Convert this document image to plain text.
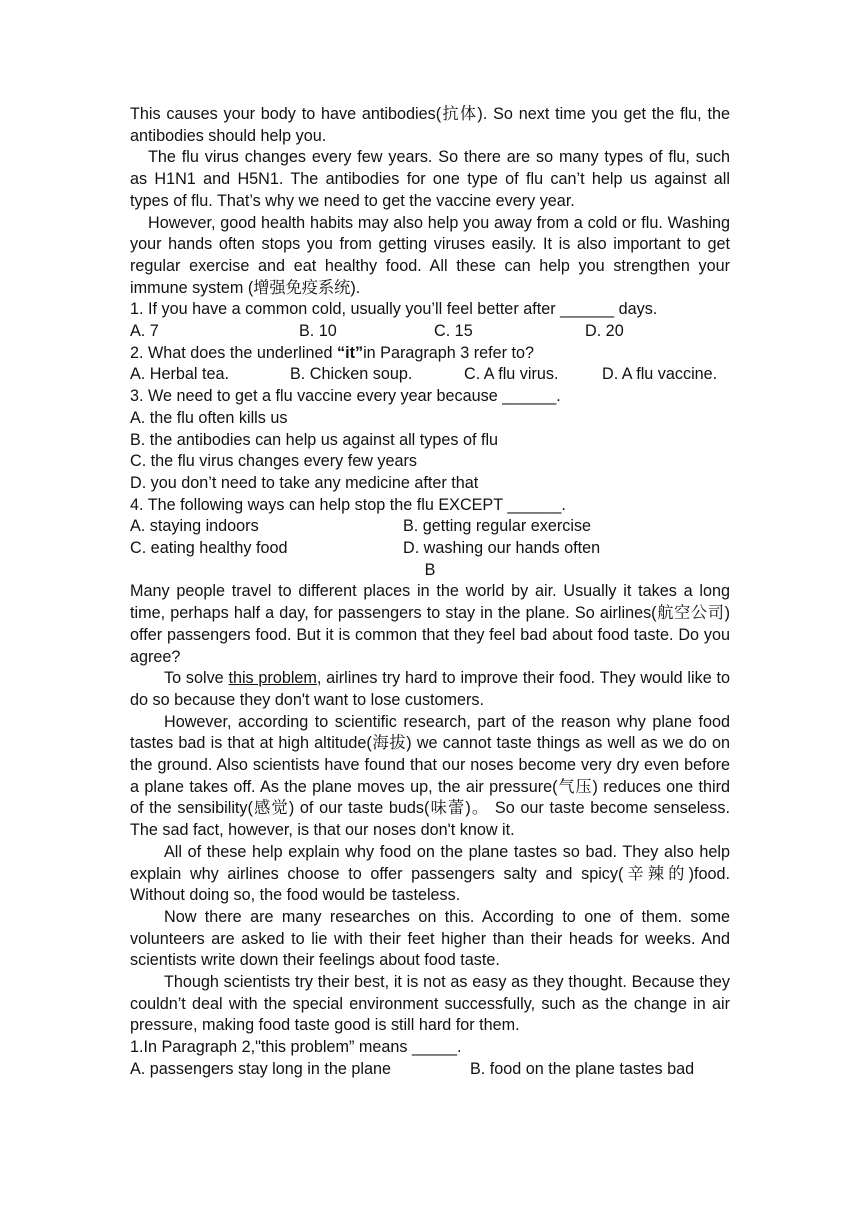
This causes your body to have antibodies(抗体). So next time you get the flu, the antibodies should help you.

The flu virus changes every few years. So there are so many types of flu, such as H1N1 and H5N1. The antibodies for one type of flu can’t help us against all types of flu. That’s why we need to get the vaccine every year.

However, good health habits may also help you away from a cold or flu. Washing your hands often stops you from getting viruses easily. It is also important to get regular exercise and eat healthy food. All these can help you strengthen your immune system (增强免疫系统).

1. If you have a common cold, usually you’ll feel better after ______ days.

A. 7	B. 10	C. 15	D. 20

2. What does the underlined “it”in Paragraph 3 refer to?

A. Herbal tea.	B. Chicken soup.	C. A flu virus.	D. A flu vaccine.

3. We need to get a flu vaccine every year because ______.

A. the flu often kills us

B. the antibodies can help us against all types of flu

C. the flu virus changes every few years

D. you don’t need to take any medicine after that

4. The following ways can help stop the flu EXCEPT ______.

A. staying indoors	B. getting regular exercise
C. eating healthy food	D. washing our hands often

B

Many people travel to different places in the world by air. Usually it takes a long time, perhaps half a day, for passengers to stay in the plane. So airlines(航空公司) offer passengers food. But it is common that they feel bad about food taste. Do you agree?

To solve this problem, airlines try hard to improve their food. They would like to do so because they don't want to lose customers.

However, according to scientific research, part of the reason why plane food tastes bad is that at high altitude(海拔) we cannot taste things as well as we do on the ground. Also scientists have found that our noses become very dry even before a plane takes off. As the plane moves up, the air pressure(气压) reduces one third of the sensibility(感觉) of our taste buds(味蕾)。 So our taste become senseless. The sad fact, however, is that our noses don't know it.

All of these help explain why food on the plane tastes so bad. They also help explain why airlines choose to offer passengers salty and spicy(辛辣的)food. Without doing so, the food would be tasteless.

Now there are many researches on this. According to one of them. some volunteers are asked to lie with their feet higher than their heads for weeks. And scientists write down their feelings about food taste.

Though scientists try their best, it is not as easy as they thought. Because they couldn’t deal with the special environment successfully, such as the change in air pressure, making food taste good is still hard for them.

1.In Paragraph 2,"this problem” means _____.

A. passengers stay long in the plane	B. food on the plane tastes bad
